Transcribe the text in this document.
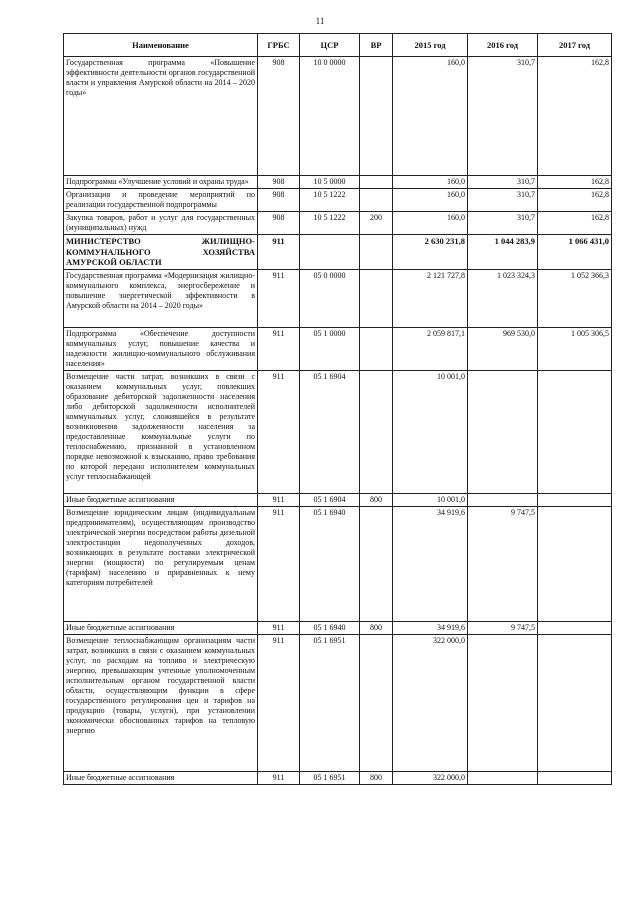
11
Наименование	ГРБС	ЦСР	ВР	2015 год	2016 год	2017 год
Государственная программа «Повышение эффективности деятельности органов государственной власти и управления Амурской области на 2014 – 2020 годы»	908	10 0 0000		160,0	310,7	162,8
Подпрограмма «Улучшение условий и охраны труда»	908	10 5 0000		160,0	310,7	162,8
Организация и проведение мероприятий по реализации государственной подпрограммы	908	10 5 1222		160,0	310,7	162,8
Закупка товаров, работ и услуг для государственных (муниципальных) нужд	908	10 5 1222	200	160,0	310,7	162,8
МИНИСТЕРСТВО ЖИЛИЩНО-КОММУНАЛЬНОГО ХОЗЯЙСТВА АМУРСКОЙ ОБЛАСТИ	911			2 630 231,8	1 044 283,9	1 066 431,0
Государственная программа «Модернизация жилищно-коммунального комплекса, энергосбережение и повышение энергетической эффективности в Амурской области на 2014 – 2020 годы»	911	05 0 0000		2 121 727,8	1 023 324,3	1 052 366,3
Подпрограмма «Обеспечение доступности коммунальных услуг, повышение качества и надежности жилищно-коммунального обслуживания населения»	911	05 1 0000		2 059 817,1	969 530,0	1 005 306,5
Возмещение части затрат, возникших в связи с оказанием коммунальных услуг, повлекших образование дебиторской задолженности населения либо дебиторской задолженности исполнителей коммунальных услуг, сложившейся в результате возникновения задолженности населения за предоставленные коммунальные услуги по теплоснабжению, признанной в установленном порядке невозможной к взысканию, право требования по которой передано исполнителем коммунальных услуг теплоснабжающей	911	05 1 6904		10 001,0		
Иные бюджетные ассигнования	911	05 1 6904	800	10 001,0		
Возмещение юридическим лицам (индивидуальным предпринимателям), осуществляющим производство электрической энергии посредством работы дизельной электростанции недополученных доходов, возникающих в результате поставки электрической энергии (мощности) по регулируемым ценам (тарифам) населению и приравненных к нему категориям потребителей	911	05 1 6940		34 919,6	9 747,5	
Иные бюджетные ассигнования	911	05 1 6940	800	34 919,6	9 747,5	
Возмещение теплоснабжающим организациям части затрат, возникших в связи с оказанием коммунальных услуг, по расходам на топливо и электрическую энергию, превышающим учтенные уполномоченным исполнительным органом государственной власти области, осуществляющим функции в сфере государственного регулирования цен и тарифов на продукцию (товары, услуги), при установлении экономически обоснованных тарифов на тепловую энергию	911	05 1 6951		322 000,0		
Иные бюджетные ассигнования	911	05 1 6951	800	322 000,0		
